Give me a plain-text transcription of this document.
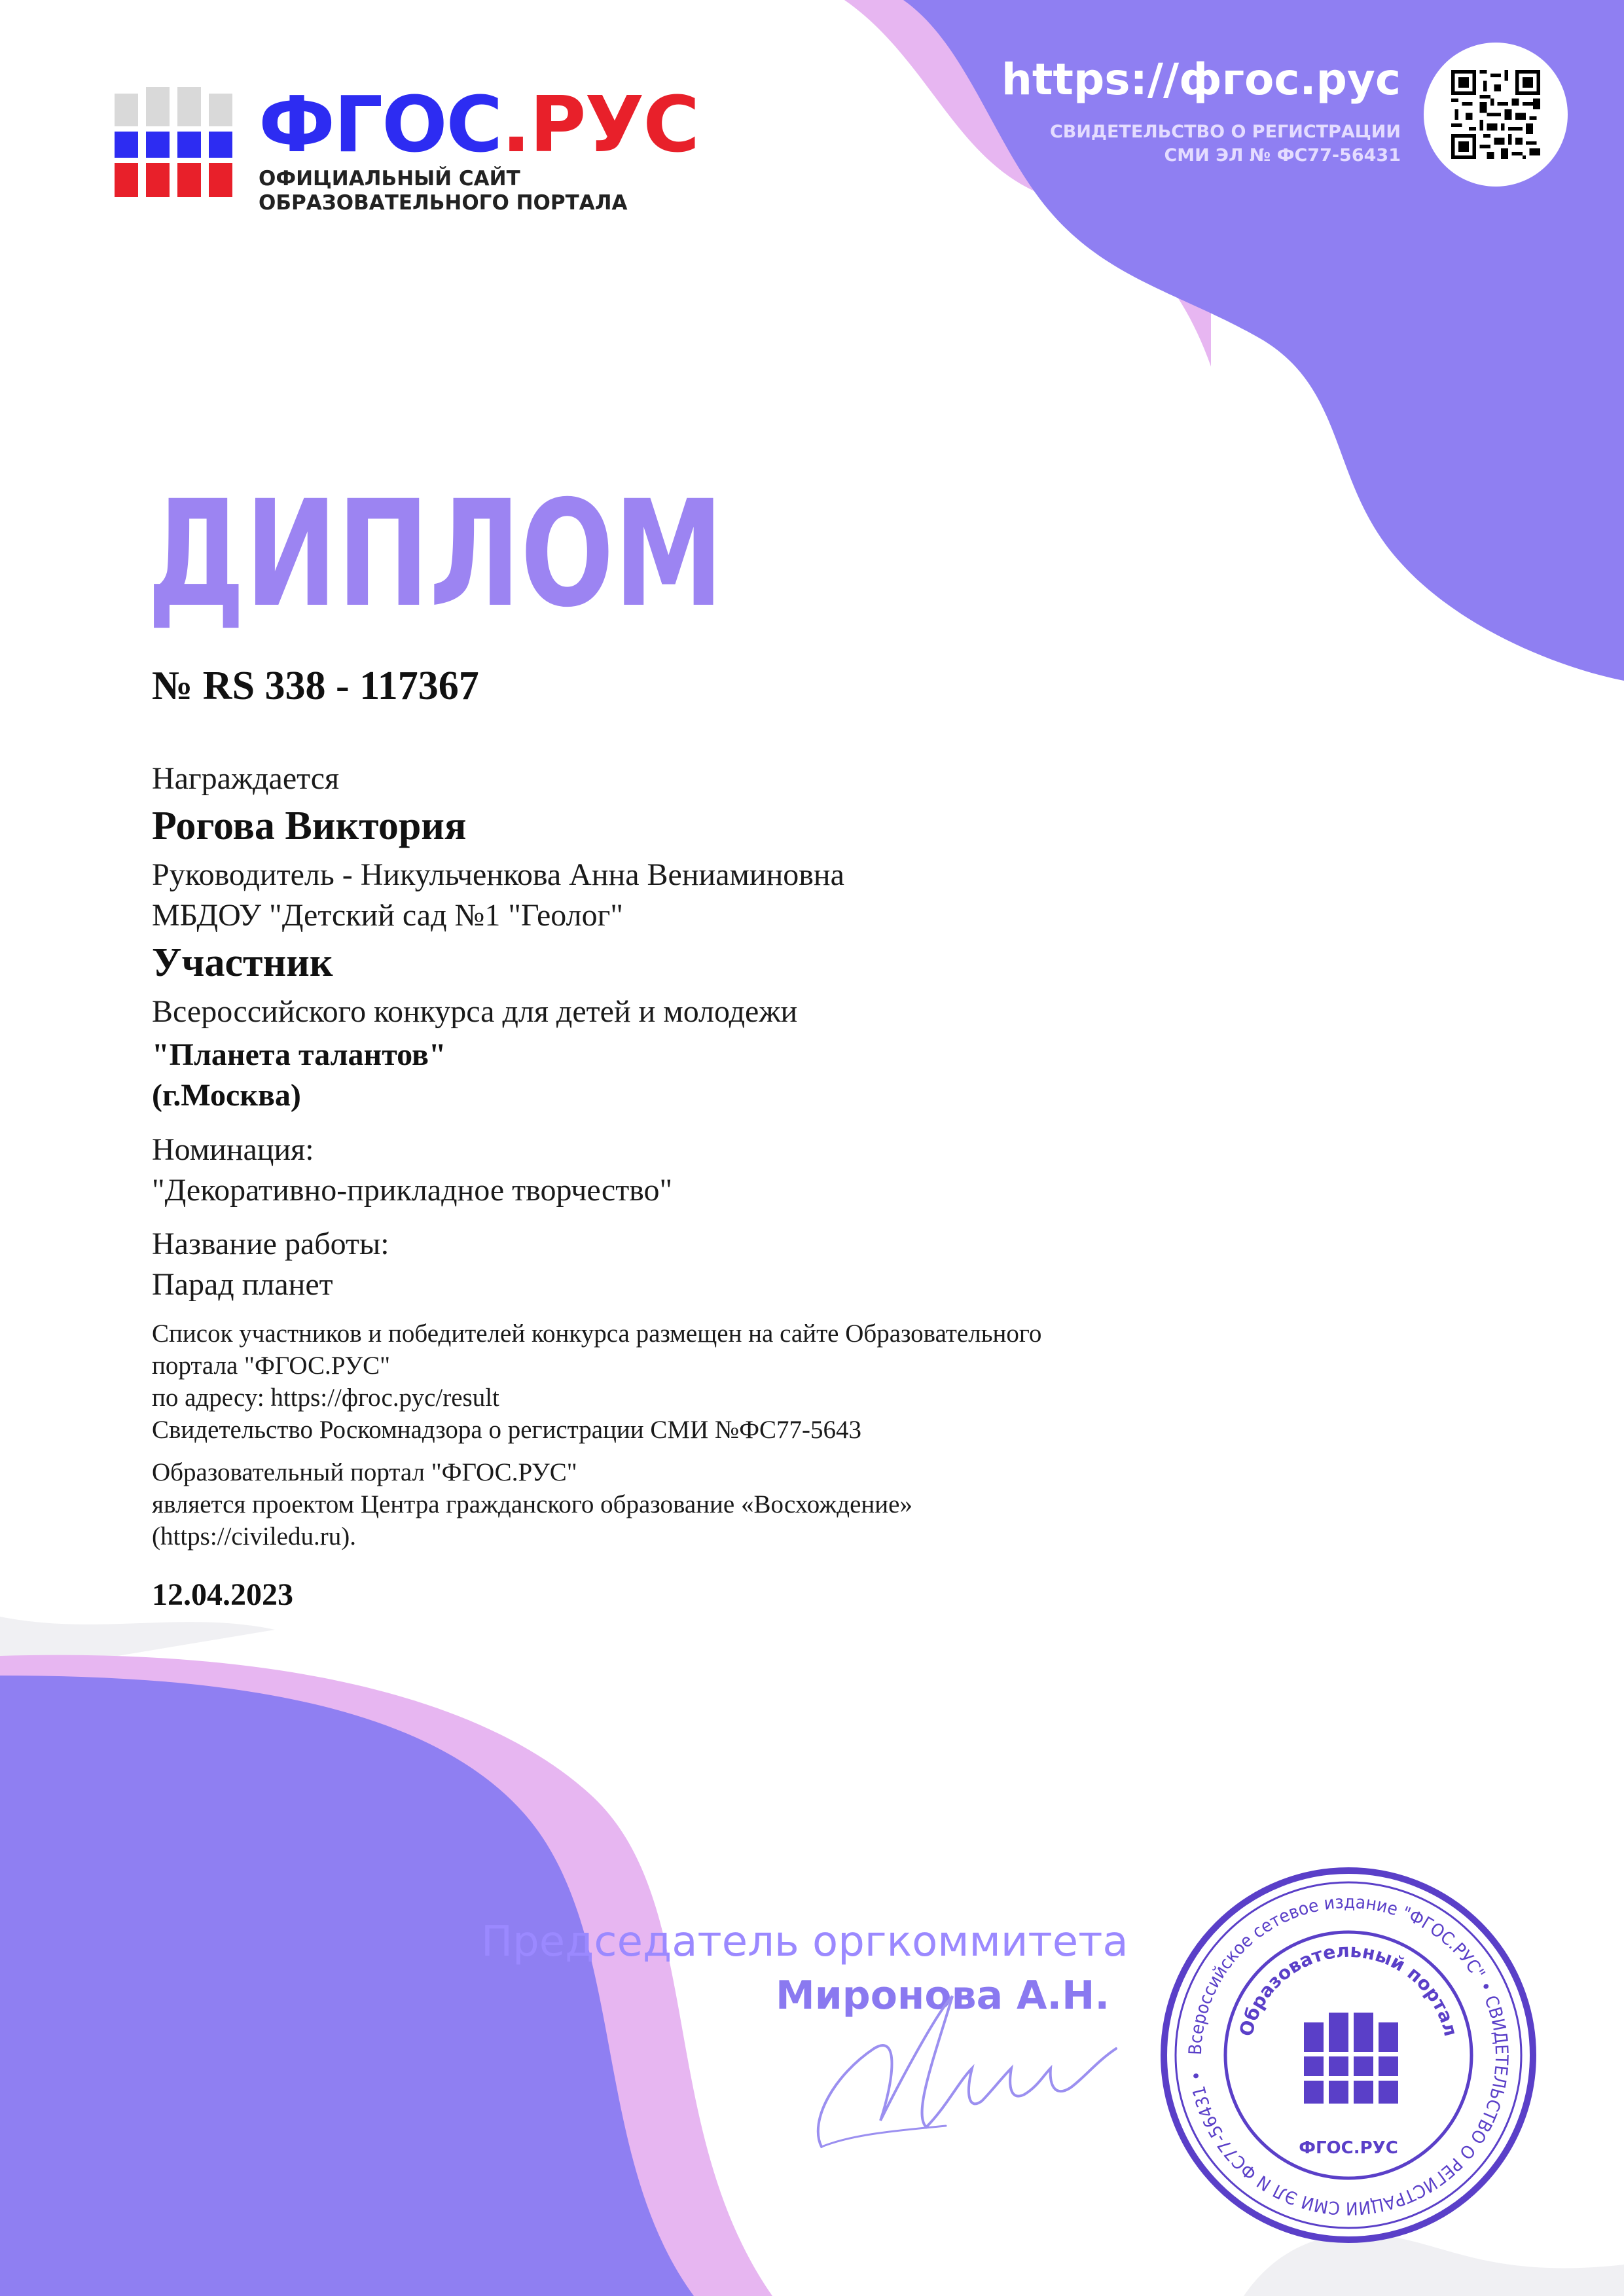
ФГОС.РУС
ОФИЦИАЛЬНЫЙ САЙТ
ОБРАЗОВАТЕЛЬНОГО ПОРТАЛА
https://фгос.рус
СВИДЕТЕЛЬСТВО О РЕГИСТРАЦИИ
СМИ ЭЛ № ФС77-56431
ДИПЛОМ
№ RS 338 - 117367
Награждается
Рогова Виктория
Руководитель - Никульченкова Анна Вениаминовна
МБДОУ "Детский сад №1 "Геолог"
Участник
Всероссийского конкурса для детей и молодежи
"Планета талантов"
(г.Москва)
Номинация:
"Декоративно-прикладное творчество"
Название работы:
Парад планет
Список участников и победителей конкурса размещен на сайте Образовательного
портала "ФГОС.РУС"
по адресу: https://фгос.рус/result
Свидетельство Роскомнадзора о регистрации СМИ №ФС77-5643
Образовательный портал "ФГОС.РУС"
является проектом Центра гражданского образование «Восхождение»
(https://civiledu.ru).
12.04.2023
Председатель оргкоммитета
Миронова А.Н.
Всероссийское сетевое издание "ФГОС.РУС" • СВИДЕТЕЛЬСТВО О РЕГИСТРАЦИИ СМИ ЭЛ N ФС77-56431 •
Образовательный портал
ФГОС.РУС
